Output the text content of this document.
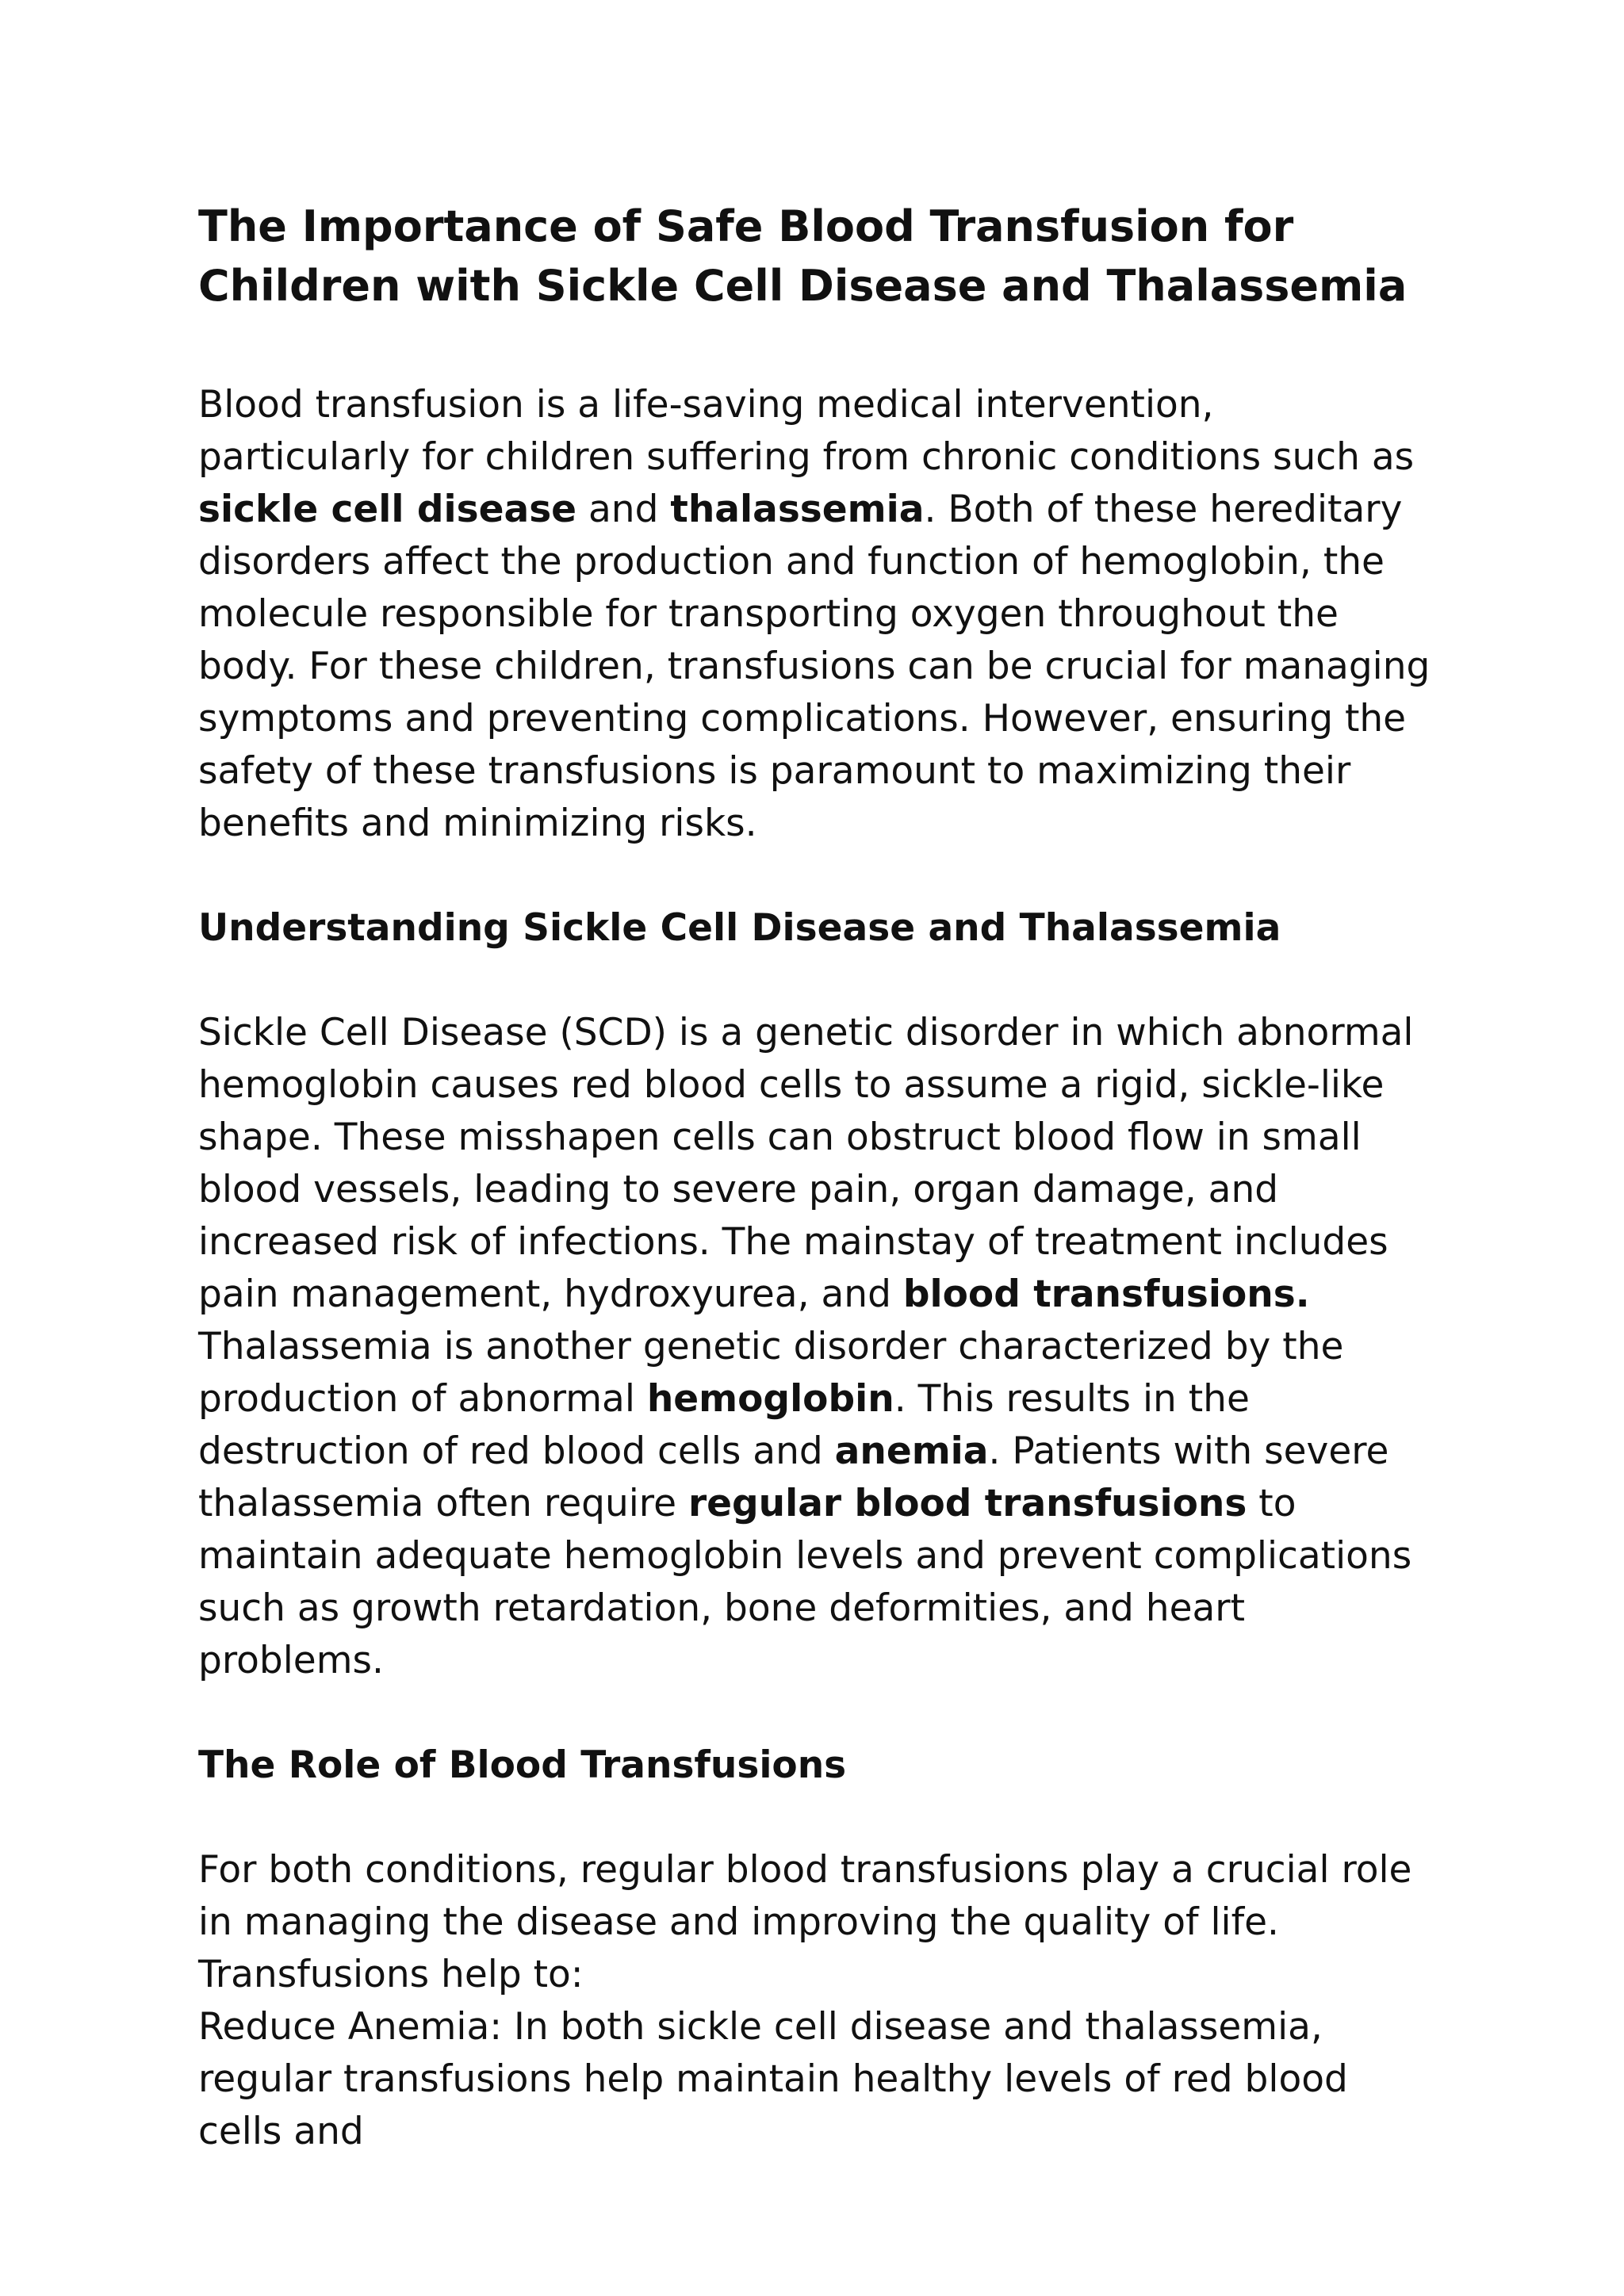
The Importance of Safe Blood Transfusion for Children with Sickle Cell Disease and Thalassemia

Blood transfusion is a life-saving medical intervention, particularly for children suffering from chronic conditions such as sickle cell disease and thalassemia. Both of these hereditary disorders affect the production and function of hemoglobin, the molecule responsible for transporting oxygen throughout the body. For these children, transfusions can be crucial for managing symptoms and preventing complications. However, ensuring the safety of these transfusions is paramount to maximizing their benefits and minimizing risks.

Understanding Sickle Cell Disease and Thalassemia

Sickle Cell Disease (SCD) is a genetic disorder in which abnormal hemoglobin causes red blood cells to assume a rigid, sickle-like shape. These misshapen cells can obstruct blood flow in small blood vessels, leading to severe pain, organ damage, and increased risk of infections. The mainstay of treatment includes pain management, hydroxyurea, and blood transfusions.

Thalassemia is another genetic disorder characterized by the production of abnormal hemoglobin. This results in the destruction of red blood cells and anemia. Patients with severe thalassemia often require regular blood transfusions to maintain adequate hemoglobin levels and prevent complications such as growth retardation, bone deformities, and heart problems.

The Role of Blood Transfusions

For both conditions, regular blood transfusions play a crucial role in managing the disease and improving the quality of life. Transfusions help to:

Reduce Anemia: In both sickle cell disease and thalassemia, regular transfusions help maintain healthy levels of red blood cells and
